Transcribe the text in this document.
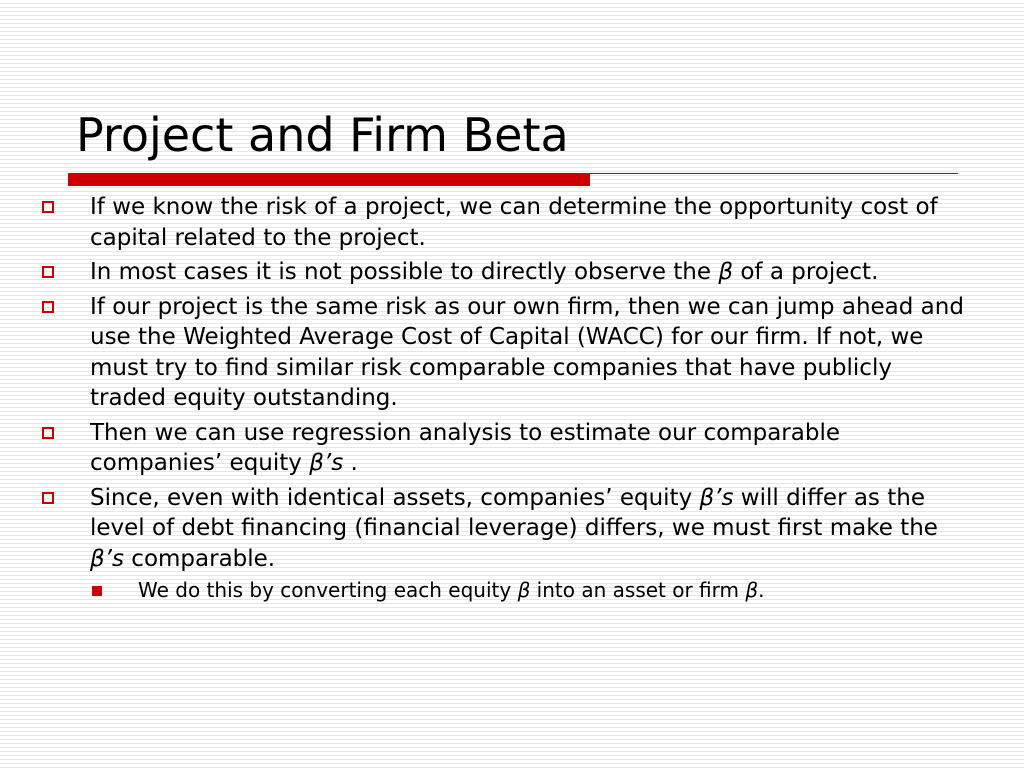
Project and Firm Beta
If we know the risk of a project, we can determine the opportunity cost of capital related to the project.
In most cases it is not possible to directly observe the β of a project.
If our project is the same risk as our own firm, then we can jump ahead and use the Weighted Average Cost of Capital (WACC) for our firm. If not, we must try to find similar risk comparable companies that have publicly traded equity outstanding.
Then we can use regression analysis to estimate our comparable companies’ equity β’s .
Since, even with identical assets, companies’ equity β’s will differ as the level of debt financing (financial leverage) differs, we must first make the β’s comparable.
We do this by converting each equity β into an asset or firm β.
